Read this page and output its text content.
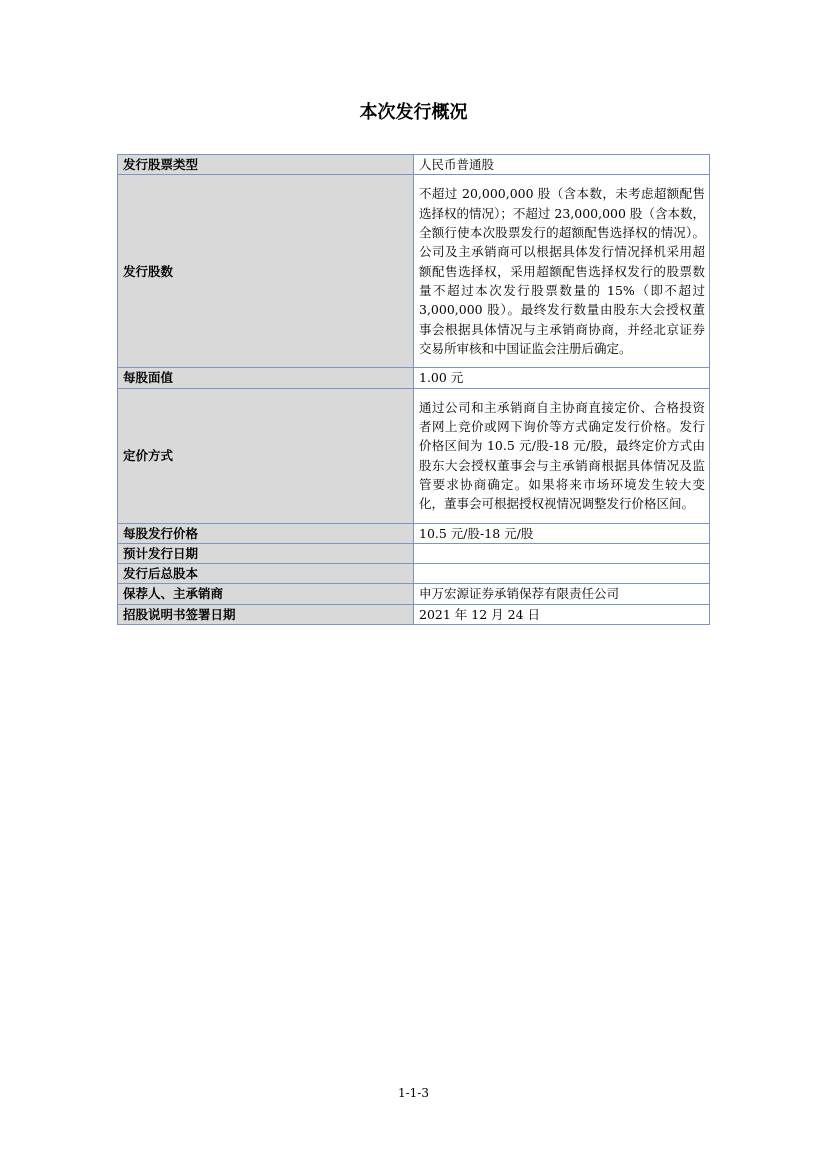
本次发行概况
发行股票类型	人民币普通股
发行股数	不超过 20,000,000 股（含本数，未考虑超额配售选择权的情况）；不超过 23,000,000 股（含本数，全额行使本次股票发行的超额配售选择权的情况）。公司及主承销商可以根据具体发行情况择机采用超额配售选择权，采用超额配售选择权发行的股票数量不超过本次发行股票数量的 15%（即不超过 3,000,000 股）。最终发行数量由股东大会授权董事会根据具体情况与主承销商协商，并经北京证券交易所审核和中国证监会注册后确定。
每股面值	1.00 元
定价方式	通过公司和主承销商自主协商直接定价、合格投资者网上竞价或网下询价等方式确定发行价格。发行价格区间为 10.5 元/股-18 元/股，最终定价方式由股东大会授权董事会与主承销商根据具体情况及监管要求协商确定。如果将来市场环境发生较大变化，董事会可根据授权视情况调整发行价格区间。
每股发行价格	10.5 元/股-18 元/股
预计发行日期	
发行后总股本	
保荐人、主承销商	申万宏源证券承销保荐有限责任公司
招股说明书签署日期	2021 年 12 月 24 日
1-1-3
